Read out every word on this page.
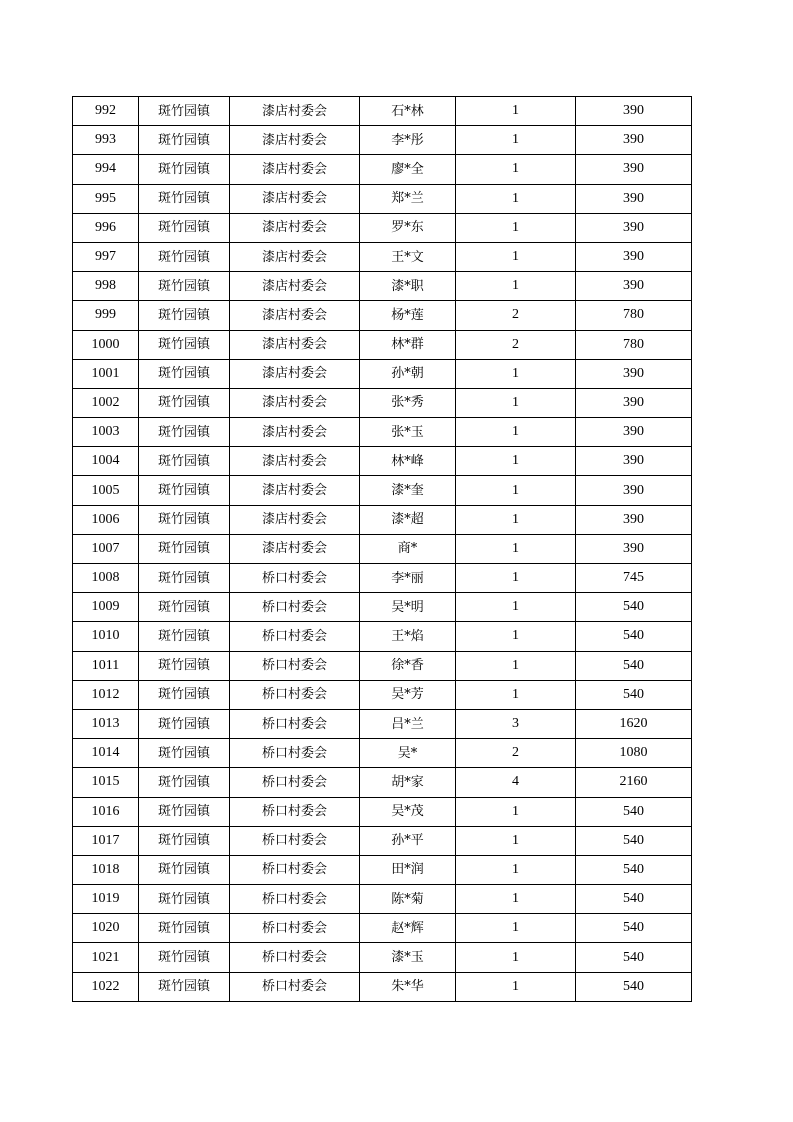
992	斑竹园镇	漆店村委会	石*林	1	390
993	斑竹园镇	漆店村委会	李*彤	1	390
994	斑竹园镇	漆店村委会	廖*全	1	390
995	斑竹园镇	漆店村委会	郑*兰	1	390
996	斑竹园镇	漆店村委会	罗*东	1	390
997	斑竹园镇	漆店村委会	王*文	1	390
998	斑竹园镇	漆店村委会	漆*职	1	390
999	斑竹园镇	漆店村委会	杨*莲	2	780
1000	斑竹园镇	漆店村委会	林*群	2	780
1001	斑竹园镇	漆店村委会	孙*朝	1	390
1002	斑竹园镇	漆店村委会	张*秀	1	390
1003	斑竹园镇	漆店村委会	张*玉	1	390
1004	斑竹园镇	漆店村委会	林*峰	1	390
1005	斑竹园镇	漆店村委会	漆*奎	1	390
1006	斑竹园镇	漆店村委会	漆*超	1	390
1007	斑竹园镇	漆店村委会	商*	1	390
1008	斑竹园镇	桥口村委会	李*丽	1	745
1009	斑竹园镇	桥口村委会	吴*明	1	540
1010	斑竹园镇	桥口村委会	王*焰	1	540
1011	斑竹园镇	桥口村委会	徐*香	1	540
1012	斑竹园镇	桥口村委会	吴*芳	1	540
1013	斑竹园镇	桥口村委会	吕*兰	3	1620
1014	斑竹园镇	桥口村委会	吴*	2	1080
1015	斑竹园镇	桥口村委会	胡*家	4	2160
1016	斑竹园镇	桥口村委会	吴*茂	1	540
1017	斑竹园镇	桥口村委会	孙*平	1	540
1018	斑竹园镇	桥口村委会	田*润	1	540
1019	斑竹园镇	桥口村委会	陈*菊	1	540
1020	斑竹园镇	桥口村委会	赵*辉	1	540
1021	斑竹园镇	桥口村委会	漆*玉	1	540
1022	斑竹园镇	桥口村委会	朱*华	1	540
